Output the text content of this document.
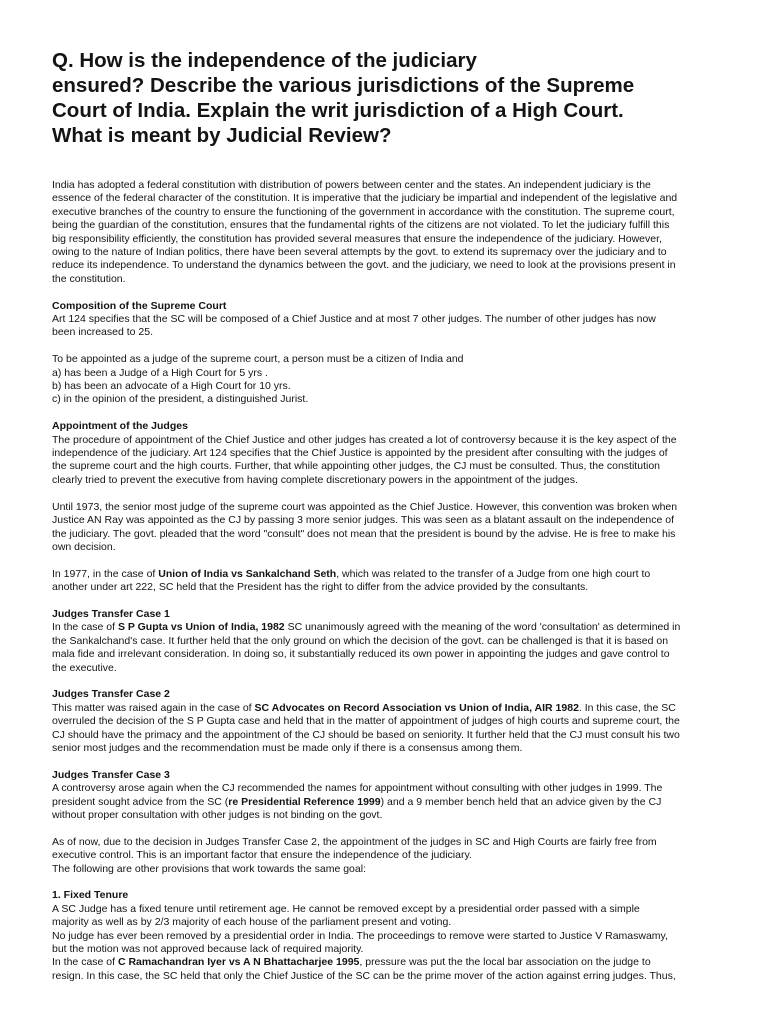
Q. How is the independence of the judiciary
ensured? Describe the various jurisdictions of the Supreme
Court of India. Explain the writ jurisdiction of a High Court.
What is meant by Judicial Review?
India has adopted a federal constitution with distribution of powers between center and the states. An independent judiciary is the
essence of the federal character of the constitution. It is imperative that the judiciary be impartial and independent of the legislative and
executive branches of the country to ensure the functioning of the government in accordance with the constitution. The supreme court,
being the guardian of the constitution, ensures that the fundamental rights of the citizens are not violated. To let the judiciary fulfill this
big responsibility efficiently, the constitution has provided several measures that ensure the independence of the judiciary. However,
owing to the nature of Indian politics, there have been several attempts by the govt. to extend its supremacy over the judiciary and to
reduce its independence. To understand the dynamics between the govt. and the judiciary, we need to look at the provisions present in
the constitution.
Composition of the Supreme Court
Art 124 specifies that the SC will be composed of a Chief Justice and at most 7 other judges. The number of other judges has now
been increased to 25.
To be appointed as a judge of the supreme court, a person must be a citizen of India and
a) has been a Judge of a High Court for 5 yrs .
b) has been an advocate of a High Court for 10 yrs.
c) in the opinion of the president, a distinguished Jurist.
Appointment of the Judges
The procedure of appointment of the Chief Justice and other judges has created a lot of controversy because it is the key aspect of the
independence of the judiciary. Art 124 specifies that the Chief Justice is appointed by the president after consulting with the judges of
the supreme court and the high courts. Further, that while appointing other judges, the CJ must be consulted. Thus, the constitution
clearly tried to prevent the executive from having complete discretionary powers in the appointment of the judges.
Until 1973, the senior most judge of the supreme court was appointed as the Chief Justice. However, this convention was broken when
Justice AN Ray was appointed as the CJ by passing 3 more senior judges. This was seen as a blatant assault on the independence of
the judiciary. The govt. pleaded that the word "consult" does not mean that the president is bound by the advise. He is free to make his
own decision.
In 1977, in the case of Union of India vs Sankalchand Seth, which was related to the transfer of a Judge from one high court to
another under art 222, SC held that the President has the right to differ from the advice provided by the consultants.
Judges Transfer Case 1
In the case of S P Gupta vs Union of India, 1982 SC unanimously agreed with the meaning of the word 'consultation' as determined in
the Sankalchand's case. It further held that the only ground on which the decision of the govt. can be challenged is that it is based on
mala fide and irrelevant consideration. In doing so, it substantially reduced its own power in appointing the judges and gave control to
the executive.
Judges Transfer Case 2
This matter was raised again in the case of SC Advocates on Record Association vs Union of India, AIR 1982. In this case, the SC
overruled the decision of the S P Gupta case and held that in the matter of appointment of judges of high courts and supreme court, the
CJ should have the primacy and the appointment of the CJ should be based on seniority. It further held that the CJ must consult his two
senior most judges and the recommendation must be made only if there is a consensus among them.
Judges Transfer Case 3
A controversy arose again when the CJ recommended the names for appointment without consulting with other judges in 1999. The
president sought advice from the SC (re Presidential Reference 1999) and a 9 member bench held that an advice given by the CJ
without proper consultation with other judges is not binding on the govt.
As of now, due to the decision in Judges Transfer Case 2, the appointment of the judges in SC and High Courts are fairly free from
executive control. This is an important factor that ensure the independence of the judiciary.
The following are other provisions that work towards the same goal:
1. Fixed Tenure
A SC Judge has a fixed tenure until retirement age. He cannot be removed except by a presidential order passed with a simple
majority as well as by 2/3 majority of each house of the parliament present and voting.
No judge has ever been removed by a presidential order in India. The proceedings to remove were started to Justice V Ramaswamy,
but the motion was not approved because lack of required majority.
In the case of C Ramachandran Iyer vs A N Bhattacharjee 1995, pressure was put the the local bar association on the judge to
resign. In this case, the SC held that only the Chief Justice of the SC can be the prime mover of the action against erring judges. Thus,
